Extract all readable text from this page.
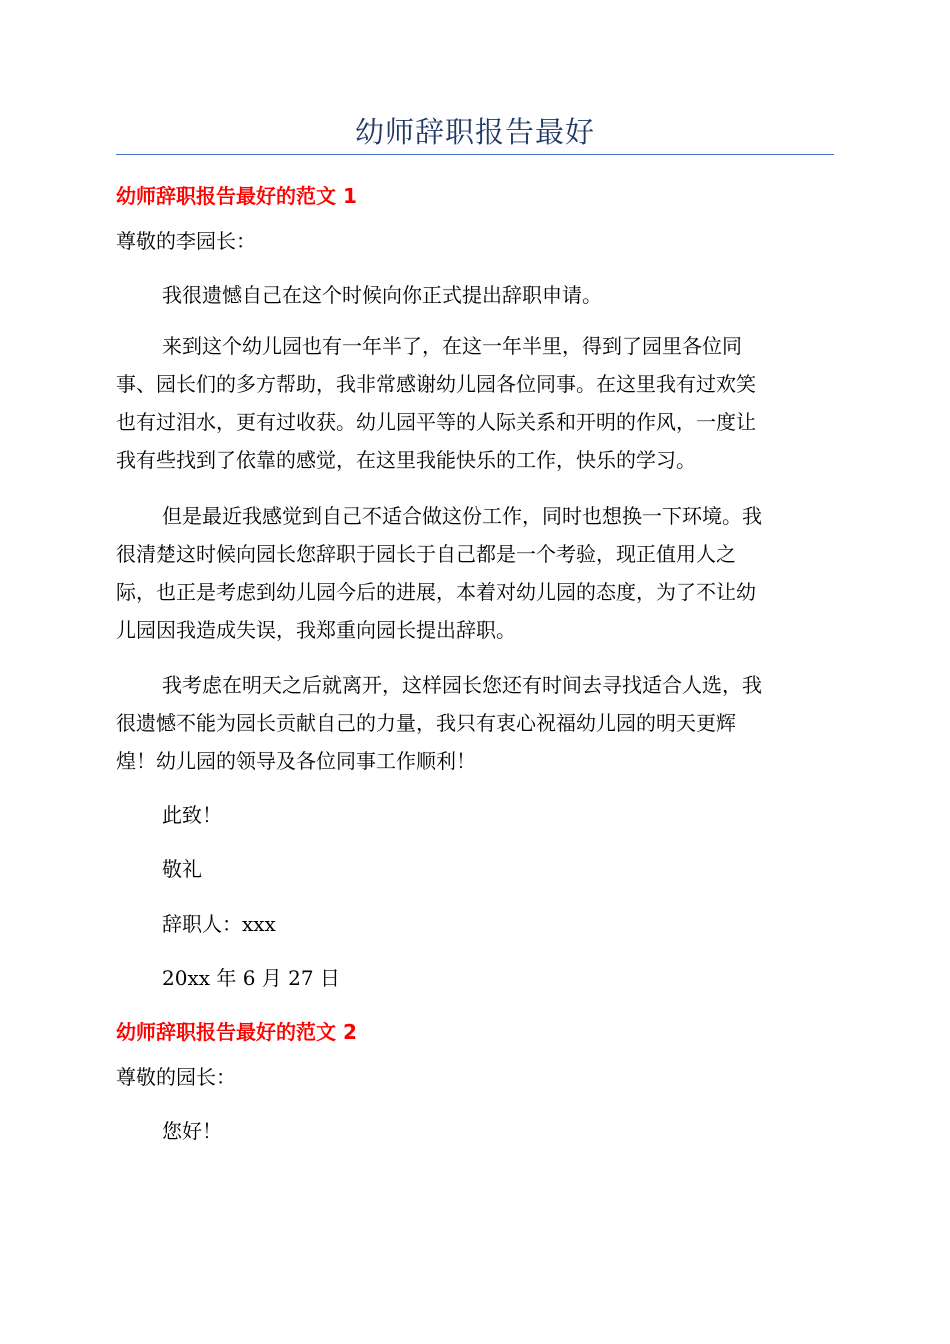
幼师辞职报告最好
幼师辞职报告最好的范文 1
尊敬的李园长：
我很遗憾自己在这个时候向你正式提出辞职申请。
来到这个幼儿园也有一年半了，在这一年半里，得到了园里各位同
事、园长们的多方帮助，我非常感谢幼儿园各位同事。在这里我有过欢笑
也有过泪水，更有过收获。幼儿园平等的人际关系和开明的作风，一度让
我有些找到了依靠的感觉，在这里我能快乐的工作，快乐的学习。
但是最近我感觉到自己不适合做这份工作，同时也想换一下环境。我
很清楚这时候向园长您辞职于园长于自己都是一个考验，现正值用人之
际，也正是考虑到幼儿园今后的进展，本着对幼儿园的态度，为了不让幼
儿园因我造成失误，我郑重向园长提出辞职。
我考虑在明天之后就离开，这样园长您还有时间去寻找适合人选，我
很遗憾不能为园长贡献自己的力量，我只有衷心祝福幼儿园的明天更辉
煌！幼儿园的领导及各位同事工作顺利！
此致！
敬礼
辞职人：xxx
20xx 年 6 月 27 日
幼师辞职报告最好的范文 2
尊敬的园长：
您好！
